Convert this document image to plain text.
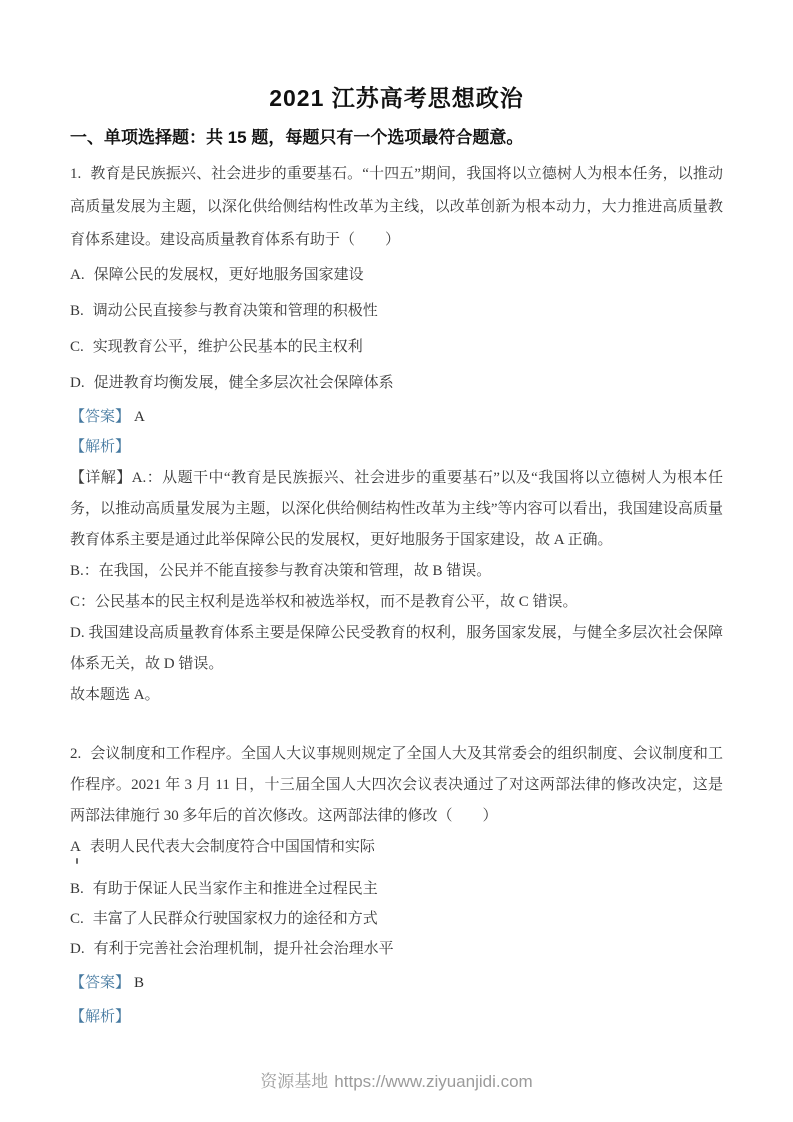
2021 江苏高考思想政治
一、单项选择题：共 15 题，每题只有一个选项最符合题意。

1. 教育是民族振兴、社会进步的重要基石。“十四五”期间，我国将以立德树人为根本任务，以推动高质量发展为主题，以深化供给侧结构性改革为主线，以改革创新为根本动力，大力推进高质量教育体系建设。建设高质量教育体系有助于（　　）

A. 保障公民的发展权，更好地服务国家建设

B. 调动公民直接参与教育决策和管理的积极性

C. 实现教育公平，维护公民基本的民主权利

D. 促进教育均衡发展，健全多层次社会保障体系

【答案】 A

【解析】

【详解】A.：从题干中“教育是民族振兴、社会进步的重要基石”以及“我国将以立德树人为根本任务，以推动高质量发展为主题，以深化供给侧结构性改革为主线”等内容可以看出，我国建设高质量教育体系主要是通过此举保障公民的发展权，更好地服务于国家建设，故 A 正确。

B.：在我国，公民并不能直接参与教育决策和管理，故 B 错误。

C：公民基本的民主权利是选举权和被选举权，而不是教育公平，故 C 错误。

D. 我国建设高质量教育体系主要是保障公民受教育的权利，服务国家发展，与健全多层次社会保障体系无关，故 D 错误。

故本题选 A。

2. 会议制度和工作程序。全国人大议事规则规定了全国人大及其常委会的组织制度、会议制度和工作程序。2021 年 3 月 11 日，十三届全国人大四次会议表决通过了对这两部法律的修改决定，这是两部法律施行 30 多年后的首次修改。这两部法律的修改（　　）

A 表明人民代表大会制度符合中国国情和实际

B. 有助于保证人民当家作主和推进全过程民主

C. 丰富了人民群众行驶国家权力的途径和方式

D. 有利于完善社会治理机制，提升社会治理水平

【答案】 B

【解析】

资源基地 https://www.ziyuanjidi.com
